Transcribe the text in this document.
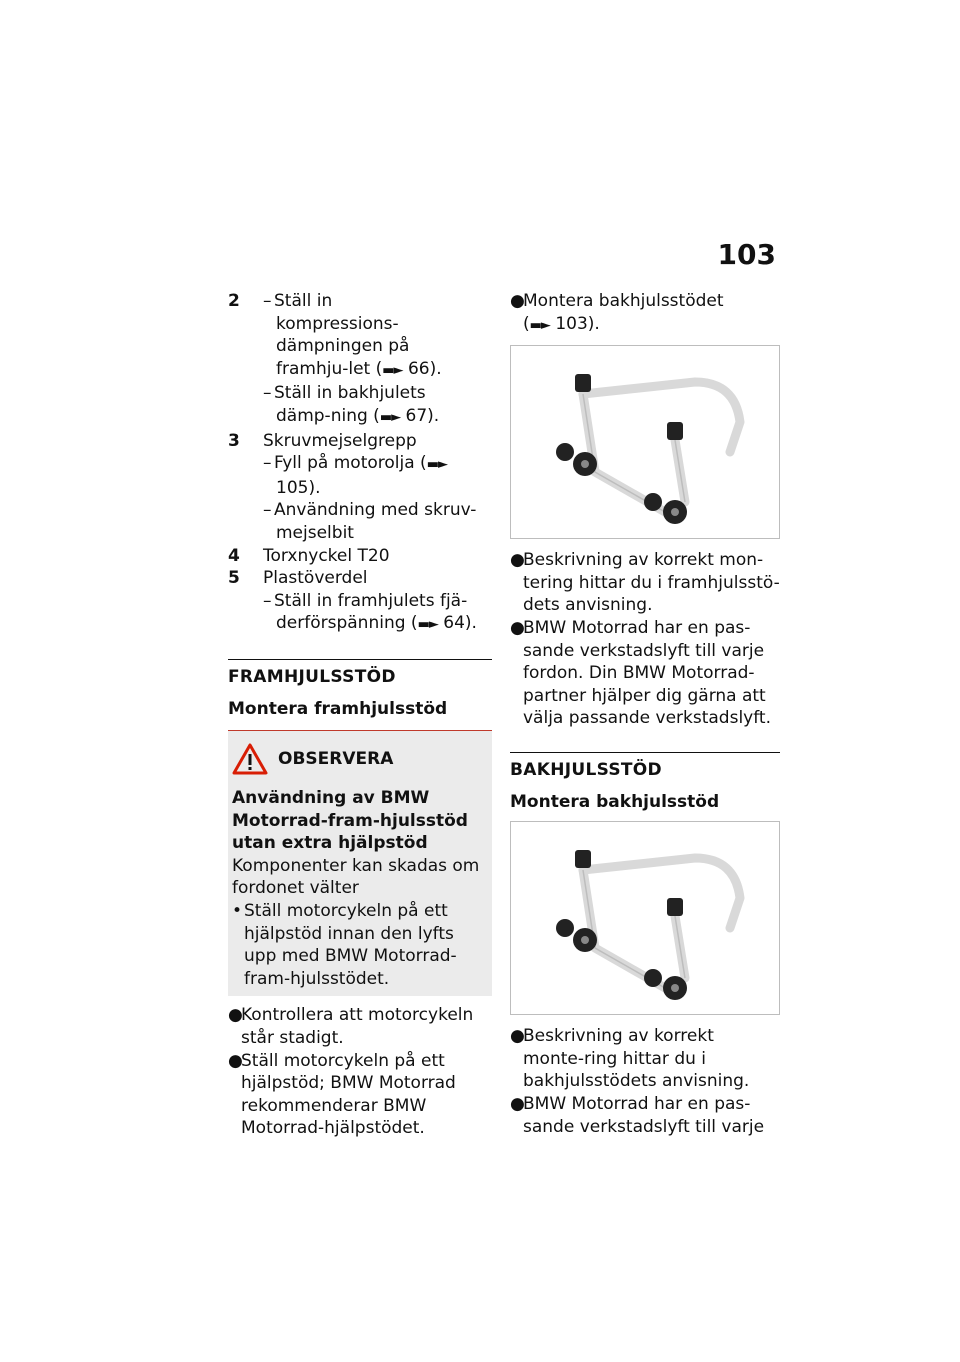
103
2	– Ställ in kompressions-dämpningen på framhju-let (▬► 66).
– Ställ in bakhjulets dämp-ning (▬► 67).
3	Skruvmejselgrepp
– Fyll på motorolja (▬► 105).
– Användning med skruv-mejselbit
4	Torxnyckel T20
5	Plastöverdel
– Ställ in framhjulets fjä-derförspänning (▬► 64).
FRAMHJULSSTÖD
Montera framhjulsstöd
OBSERVERA
Användning av BMW Motorrad-fram-hjulsstöd utan extra hjälpstöd
Komponenter kan skadas om fordonet välter
• Ställ motorcykeln på ett hjälpstöd innan den lyfts upp med BMW Motorrad-fram-hjulsstödet.
●
Kontrollera att motorcykeln står stadigt.
●
Ställ motorcykeln på ett hjälpstöd; BMW Motorrad rekommenderar BMW Motorrad-hjälpstödet.
●
Montera bakhjulsstödet
(▬► 103).
●
Beskrivning av korrekt mon-tering hittar du i framhjulsstö-dets anvisning.
●
BMW Motorrad har en pas-sande verkstadslyft till varje fordon. Din BMW Motorrad-partner hjälper dig gärna att välja passande verkstadslyft.
BAKHJULSSTÖD
Montera bakhjulsstöd
●
Beskrivning av korrekt monte-ring hittar du i bakhjulsstödets anvisning.
●
BMW Motorrad har en pas-sande verkstadslyft till varje
